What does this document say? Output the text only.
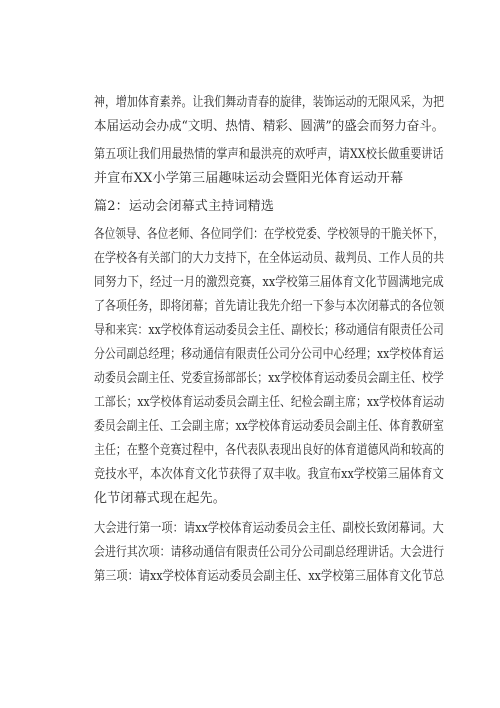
神，增加体育素养。让我们舞动青春的旋律，装饰运动的无限风采，为把
本届运动会办成“文明、热情、精彩、圆满”的盛会而努力奋斗。
第五项让我们用最热情的掌声和最洪亮的欢呼声，请XX校长做重要讲话
并宣布XX小学第三届趣味运动会暨阳光体育运动开幕
篇2：运动会闭幕式主持词精选
各位领导、各位老师、各位同学们：在学校党委、学校领导的干脆关怀下，
在学校各有关部门的大力支持下，在全体运动员、裁判员、工作人员的共
同努力下，经过一月的激烈竞赛，xx学校第三届体育文化节圆满地完成
了各项任务，即将闭幕；首先请让我先介绍一下参与本次闭幕式的各位领
导和来宾：xx学校体育运动委员会主任、副校长；移动通信有限责任公司
分公司副总经理；移动通信有限责任公司分公司中心经理；xx学校体育运
动委员会副主任、党委宣扬部部长；xx学校体育运动委员会副主任、校学
工部长；xx学校体育运动委员会副主任、纪检会副主席；xx学校体育运动
委员会副主任、工会副主席；xx学校体育运动委员会副主任、体育教研室
主任；在整个竞赛过程中，各代表队表现出良好的体育道德风尚和较高的
竞技水平，本次体育文化节获得了双丰收。我宣布xx学校第三届体育文
化节闭幕式现在起先。
大会进行第一项：请xx学校体育运动委员会主任、副校长致闭幕词。大
会进行其次项：请移动通信有限责任公司分公司副总经理讲话。大会进行
第三项：请xx学校体育运动委员会副主任、xx学校第三届体育文化节总
